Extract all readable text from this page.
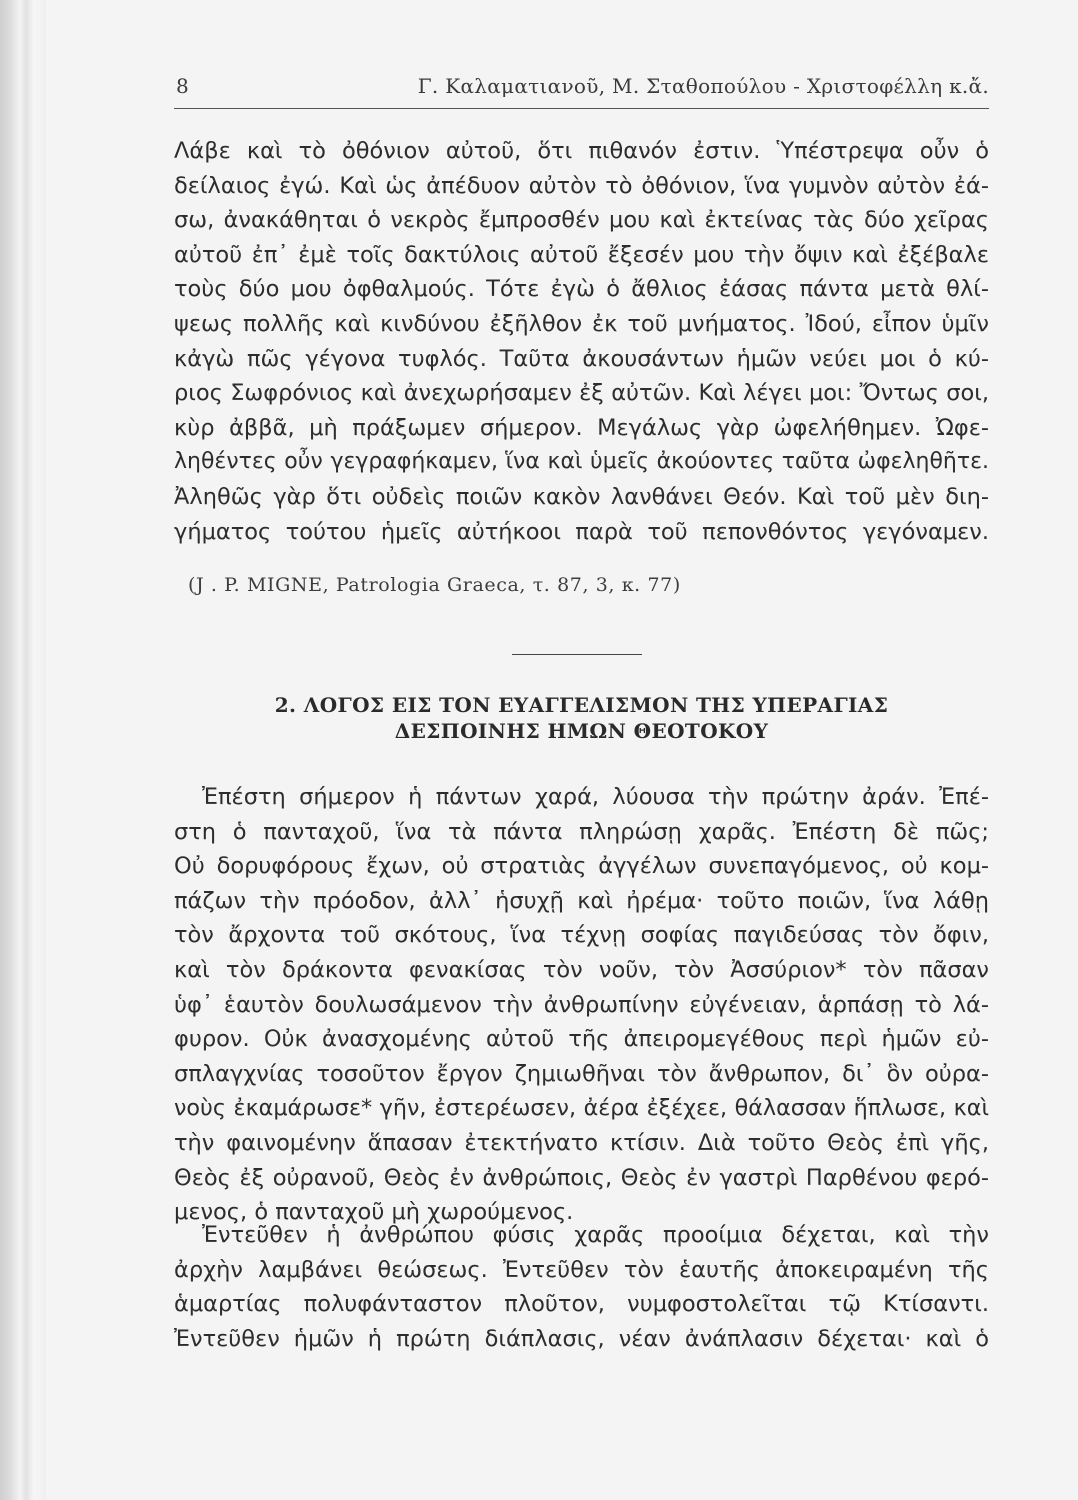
8	Γ. Καλαματιανοῦ, Μ. Σταθοπούλου - Χριστοφέλλη κ.ἄ.
Λάβε καὶ τὸ ὀθόνιον αὐτοῦ, ὅτι πιθανόν ἐστιν. Ὑπέστρεψα οὖν ὁ
δείλαιος ἐγώ. Καὶ ὡς ἀπέδυον αὐτὸν τὸ ὀθόνιον, ἵνα γυμνὸν αὐτὸν ἐά-
σω, ἀνακάθηται ὁ νεκρὸς ἔμπροσθέν μου καὶ ἐκτείνας τὰς δύο χεῖρας
αὐτοῦ ἐπ᾿ ἐμὲ τοῖς δακτύλοις αὐτοῦ ἔξεσέν μου τὴν ὄψιν καὶ ἐξέβαλε
τοὺς δύο μου ὀφθαλμούς. Τότε ἐγὼ ὁ ἄθλιος ἐάσας πάντα μετὰ θλί-
ψεως πολλῆς καὶ κινδύνου ἐξῆλθον ἐκ τοῦ μνήματος. Ἰδού, εἶπον ὑμῖν
κἀγὼ πῶς γέγονα τυφλός. Ταῦτα ἀκουσάντων ἡμῶν νεύει μοι ὁ κύ-
ριος Σωφρόνιος καὶ ἀνεχωρήσαμεν ἐξ αὐτῶν. Καὶ λέγει μοι: Ὄντως σοι,
κὺρ ἀββᾶ, μὴ πράξωμεν σήμερον. Μεγάλως γὰρ ὠφελήθημεν. Ὠφε-
ληθέντες οὖν γεγραφήκαμεν, ἵνα καὶ ὑμεῖς ἀκούοντες ταῦτα ὠφεληθῆτε.
Ἀληθῶς γὰρ ὅτι οὐδεὶς ποιῶν κακὸν λανθάνει Θεόν. Καὶ τοῦ μὲν διη-
γήματος τούτου ἡμεῖς αὐτήκοοι παρὰ τοῦ πεπονθόντος γεγόναμεν.
(J . P. MIGNE, Patrologia Graeca, τ. 87, 3, κ. 77)
2. ΛΟΓΟΣ ΕΙΣ ΤΟΝ ΕΥΑΓΓΕΛΙΣΜΟΝ ΤΗΣ ΥΠΕΡΑΓΙΑΣ
ΔΕΣΠΟΙΝΗΣ ΗΜΩΝ ΘΕΟΤΟΚΟΥ
Ἐπέστη σήμερον ἡ πάντων χαρά, λύουσα τὴν πρώτην ἀράν. Ἐπέ-
στη ὁ πανταχοῦ, ἵνα τὰ πάντα πληρώσῃ χαρᾶς. Ἐπέστη δὲ πῶς;
Οὐ δορυφόρους ἔχων, οὐ στρατιὰς ἀγγέλων συνεπαγόμενος, οὐ κομ-
πάζων τὴν πρόοδον, ἀλλ᾿ ἡσυχῇ καὶ ἠρέμα· τοῦτο ποιῶν, ἵνα λάθῃ
τὸν ἄρχοντα τοῦ σκότους, ἵνα τέχνῃ σοφίας παγιδεύσας τὸν ὄφιν,
καὶ τὸν δράκοντα φενακίσας τὸν νοῦν, τὸν Ἀσσύριον* τὸν πᾶσαν
ὑφ᾿ ἑαυτὸν δουλωσάμενον τὴν ἀνθρωπίνην εὐγένειαν, ἁρπάσῃ τὸ λά-
φυρον. Οὐκ ἀνασχομένης αὐτοῦ τῆς ἀπειρομεγέθους περὶ ἡμῶν εὐ-
σπλαγχνίας τοσοῦτον ἔργον ζημιωθῆναι τὸν ἄνθρωπον, δι᾿ ὃν οὐρα-
νοὺς ἐκαμάρωσε* γῆν, ἐστερέωσεν, ἀέρα ἐξέχεε, θάλασσαν ἥπλωσε, καὶ
τὴν φαινομένην ἅπασαν ἐτεκτήνατο κτίσιν. Διὰ τοῦτο Θεὸς ἐπὶ γῆς,
Θεὸς ἐξ οὐρανοῦ, Θεὸς ἐν ἀνθρώποις, Θεὸς ἐν γαστρὶ Παρθένου φερό-
μενος, ὁ πανταχοῦ μὴ χωρούμενος.
Ἐντεῦθεν ἡ ἀνθρώπου φύσις χαρᾶς προοίμια δέχεται, καὶ τὴν
ἀρχὴν λαμβάνει θεώσεως. Ἐντεῦθεν τὸν ἑαυτῆς ἀποκειραμένη τῆς
ἁμαρτίας πολυφάνταστον πλοῦτον, νυμφοστολεῖται τῷ Κτίσαντι.
Ἐντεῦθεν ἡμῶν ἡ πρώτη διάπλασις, νέαν ἀνάπλασιν δέχεται· καὶ ὁ
